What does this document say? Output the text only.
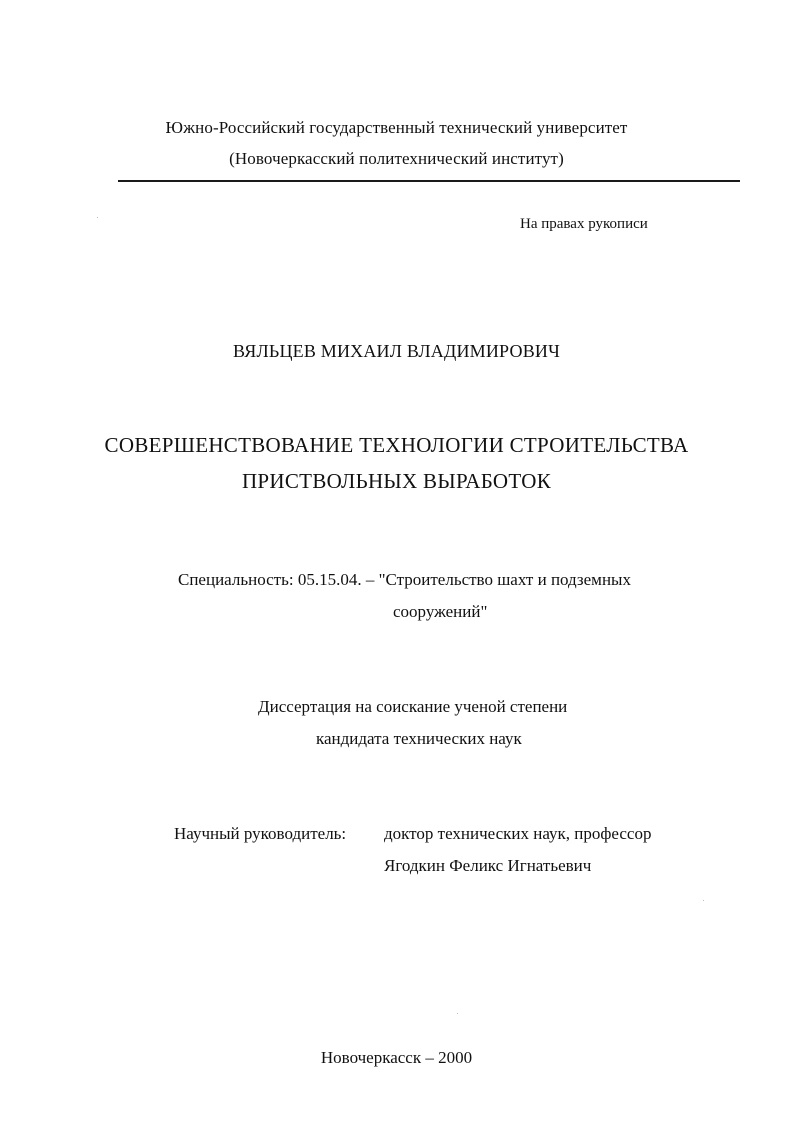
Южно-Российский государственный технический университет

(Новочеркасский политехнический институт)

На правах рукописи

ВЯЛЬЦЕВ МИХАИЛ ВЛАДИМИРОВИЧ

СОВЕРШЕНСТВОВАНИЕ ТЕХНОЛОГИИ СТРОИТЕЛЬСТВА

ПРИСТВОЛЬНЫХ ВЫРАБОТОК

Специальность: 05.15.04. – "Строительство шахт и подземных

сооружений"

Диссертация на соискание ученой степени

кандидата технических наук

Научный руководитель: доктор технических наук, профессор

Ягодкин Феликс Игнатьевич

Новочеркасск – 2000
